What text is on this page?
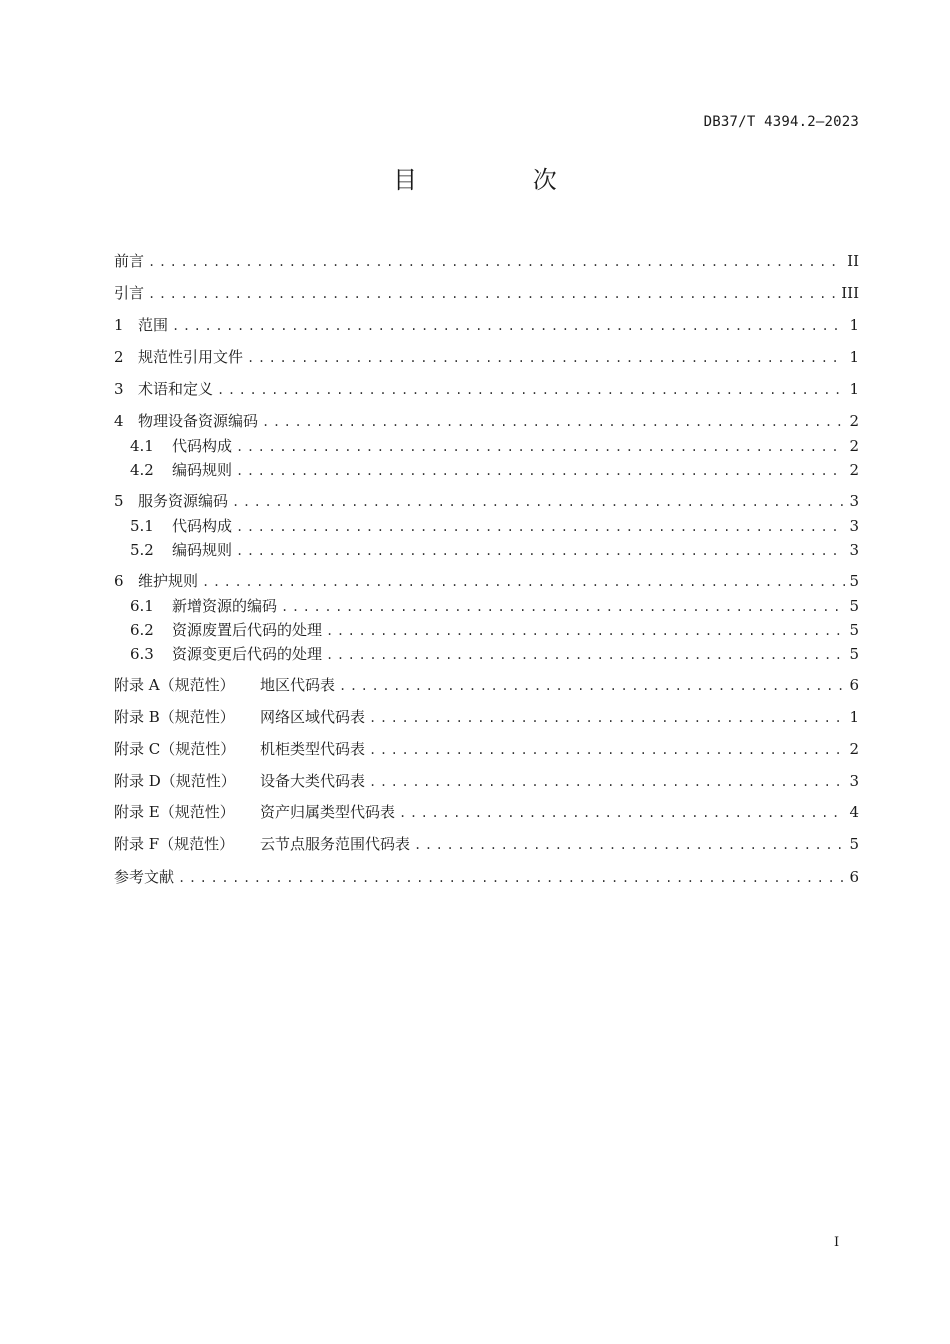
DB37/T 4394.2—2023
目 次
前言 .....	II
引言 .....	III
1 范围 .....	1
2 规范性引用文件 .....	1
3 术语和定义 .....	1
4 物理设备资源编码 .....	2
4.1	代码构成 .....	2
4.2	编码规则 .....	2
5 服务资源编码 .....	3
5.1	代码构成 .....	3
5.2	编码规则 .....	3
6 维护规则 .....	5
6.1	新增资源的编码 .....	5
6.2	资源废置后代码的处理 .....	5
6.3	资源变更后代码的处理 .....	5
附录 A（规范性）	地区代码表 .....	6
附录 B（规范性）	网络区域代码表 .....	1
附录 C（规范性）	机柜类型代码表 .....	2
附录 D（规范性）	设备大类代码表 .....	3
附录 E（规范性）	资产归属类型代码表 .....	4
附录 F（规范性）	云节点服务范围代码表 .....	5
参考文献 .....	6
I
